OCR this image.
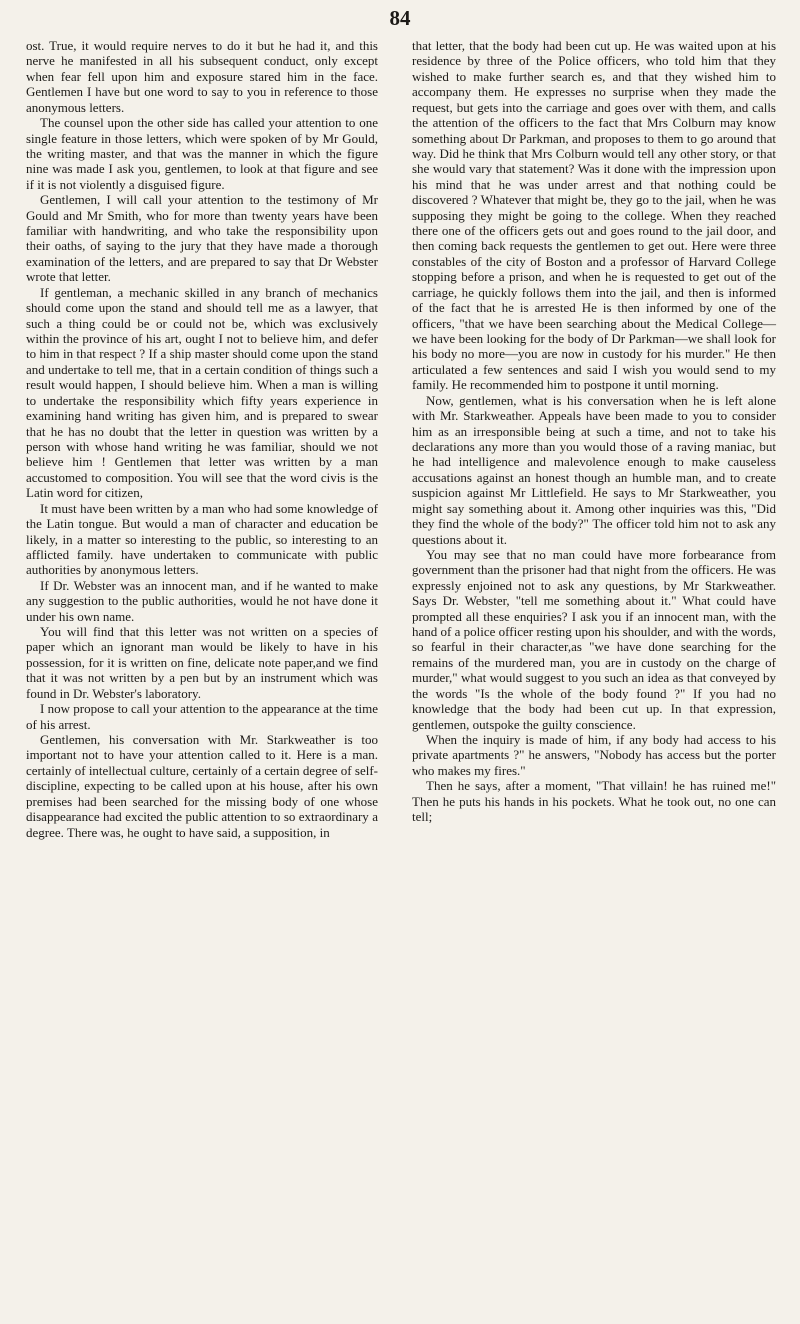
84

ost. True, it would require nerves to do it but he had it, and this nerve he manifested in all his subsequent conduct, only except when fear fell upon him and exposure stared him in the face. Gentlemen I have but one word to say to you in reference to those anonymous letters.

The counsel upon the other side has called your attention to one single feature in those letters, which were spoken of by Mr Gould, the writing master, and that was the manner in which the figure nine was made I ask you, gentlemen, to look at that figure and see if it is not violently a disguised figure.

Gentlemen, I will call your attention to the testimony of Mr Gould and Mr Smith, who for more than twenty years have been familiar with handwriting, and who take the responsibility upon their oaths, of saying to the jury that they have made a thorough examination of the letters, and are prepared to say that Dr Webster wrote that letter.

If gentleman, a mechanic skilled in any branch of mechanics should come upon the stand and should tell me as a lawyer, that such a thing could be or could not be, which was exclusively within the province of his art, ought I not to believe him, and defer to him in that respect ? If a ship master should come upon the stand and undertake to tell me, that in a certain condition of things such a result would happen, I should believe him. When a man is willing to undertake the responsibility which fifty years experience in examining hand writing has given him, and is prepared to swear that he has no doubt that the letter in question was written by a person with whose hand writing he was familiar, should we not believe him ! Gentlemen that letter was written by a man accustomed to composition. You will see that the word civis is the Latin word for citizen,

It must have been written by a man who had some knowledge of the Latin tongue. But would a man of character and education be likely, in a matter so interesting to the public, so interesting to an afflicted family. have undertaken to communicate with public authorities by anonymous letters.

If Dr. Webster was an innocent man, and if he wanted to make any suggestion to the public authorities, would he not have done it under his own name.

You will find that this letter was not written on a species of paper which an ignorant man would be likely to have in his possession, for it is written on fine, delicate note paper,and we find that it was not written by a pen but by an instrument which was found in Dr. Webster's laboratory.

I now propose to call your attention to the appearance at the time of his arrest.

Gentlemen, his conversation with Mr. Starkweather is too important not to have your attention called to it. Here is a man. certainly of intellectual culture, certainly of a certain degree of self-discipline, expecting to be called upon at his house, after his own premises had been searched for the missing body of one whose disappearance had excited the public attention to so extraordinary a degree. There was, he ought to have said, a supposition, in

that letter, that the body had been cut up. He was waited upon at his residence by three of the Police officers, who told him that they wished to make further search es, and that they wished him to accompany them. He expresses no surprise when they made the request, but gets into the carriage and goes over with them, and calls the attention of the officers to the fact that Mrs Colburn may know something about Dr Parkman, and proposes to them to go around that way. Did he think that Mrs Colburn would tell any other story, or that she would vary that statement? Was it done with the impression upon his mind that he was under arrest and that nothing could be discovered ? Whatever that might be, they go to the jail, when he was supposing they might be going to the college. When they reached there one of the officers gets out and goes round to the jail door, and then coming back requests the gentlemen to get out. Here were three constables of the city of Boston and a professor of Harvard College stopping before a prison, and when he is requested to get out of the carriage, he quickly follows them into the jail, and then is informed of the fact that he is arrested He is then informed by one of the officers, "that we have been searching about the Medical College—we have been looking for the body of Dr Parkman—we shall look for his body no more—you are now in custody for his murder." He then articulated a few sentences and said I wish you would send to my family. He recommended him to postpone it until morning.

Now, gentlemen, what is his conversation when he is left alone with Mr. Starkweather. Appeals have been made to you to consider him as an irresponsible being at such a time, and not to take his declarations any more than you would those of a raving maniac, but he had intelligence and malevolence enough to make causeless accusations against an honest though an humble man, and to create suspicion against Mr Littlefield. He says to Mr Starkweather, you might say something about it. Among other inquiries was this, "Did they find the whole of the body?" The officer told him not to ask any questions about it.

You may see that no man could have more forbearance from government than the prisoner had that night from the officers. He was expressly enjoined not to ask any questions, by Mr Starkweather. Says Dr. Webster, "tell me something about it." What could have prompted all these enquiries? I ask you if an innocent man, with the hand of a police officer resting upon his shoulder, and with the words, so fearful in their character,as "we have done searching for the remains of the murdered man, you are in custody on the charge of murder," what would suggest to you such an idea as that conveyed by the words "Is the whole of the body found ?" If you had no knowledge that the body had been cut up. In that expression, gentlemen, outspoke the guilty conscience.

When the inquiry is made of him, if any body had access to his private apartments ?" he answers, "Nobody has access but the porter who makes my fires."

Then he says, after a moment, "That villain! he has ruined me!" Then he puts his hands in his pockets. What he took out, no one can tell;
